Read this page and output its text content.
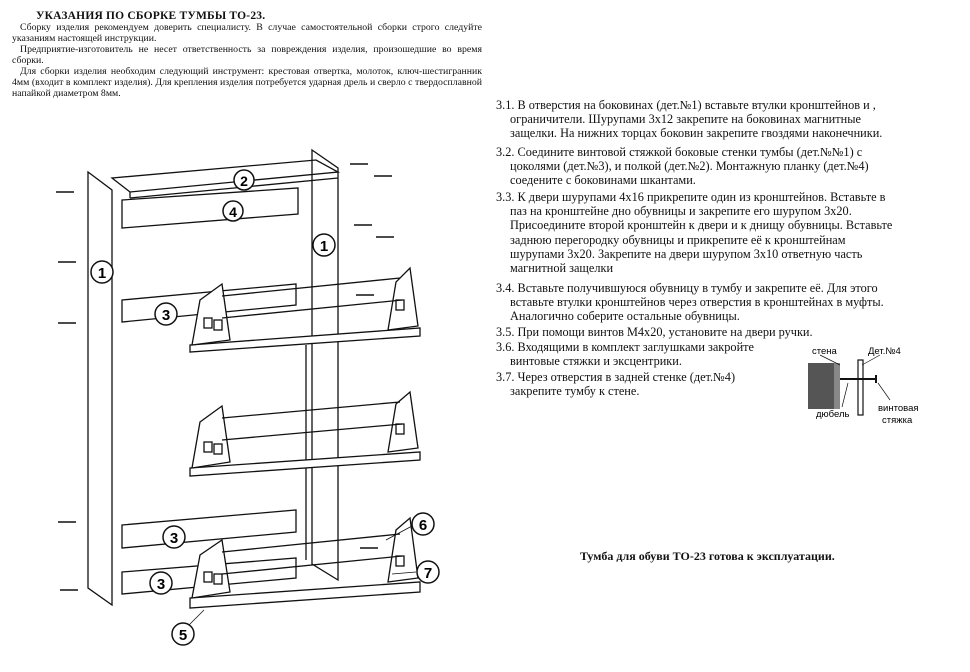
УКАЗАНИЯ ПО СБОРКЕ ТУМБЫ ТО-23.
Сборку изделия рекомендуем доверить специалисту. В случае самостоятельной сборки строго следуйте указаниям настоящей инструкции.
Предприятие-изготовитель не несет ответственность за повреждения изделия, произошедшие во время сборки.
Для сборки изделия необходим следующий инструмент: крестовая отвертка, молоток, ключ-шестигранник 4мм (входит в комплект изделия). Для крепления изделия потребуется ударная дрель и сверло с твердосплавной напайкой диаметром 8мм.
3.1. В отверстия на боковинах (дет.№1) вставьте втулки кронштейнов и ,
ограничители. Шурупами 3х12 закрепите на боковинах магнитные
защелки. На нижних торцах боковин закрепите гвоздями наконечники.
3.2. Соедините винтовой стяжкой боковые стенки тумбы (дет.№№1) с
цоколями (дет.№3), и полкой (дет.№2). Монтажную планку (дет.№4)
соедените с боковинами шкантами.
3.3. К двери шурупами 4х16 прикрепите один из кронштейнов. Вставьте в
паз на кронштейне дно обувницы и закрепите его шурупом 3х20.
Присоедините второй кронштейн к двери и к днищу обувницы. Вставьте
заднюю перегородку обувницы и прикрепите её к кронштейнам
шурупами 3х20. Закрепите на двери шурупом 3х10 ответную часть
магнитной защелки
3.4. Вставьте получившуюся обувницу в тумбу и закрепите её. Для этого
вставьте втулки кронштейнов через отверстия в кронштейнах в муфты.
Аналогично соберите остальные обувницы.
3.5. При помощи винтов М4х20, установите на двери ручки.
3.6. Входящими в комплект заглушками закройте
винтовые стяжки и эксцентрики.
3.7. Через отверстия в задней стенке (дет.№4)
закрепите тумбу к стене.
Тумба для обуви ТО-23 готова к эксплуатации.
стена	Дет.№4
дюбель
винтовая
стяжка
1
1
2
4
3
3
3
3
5
6
7
